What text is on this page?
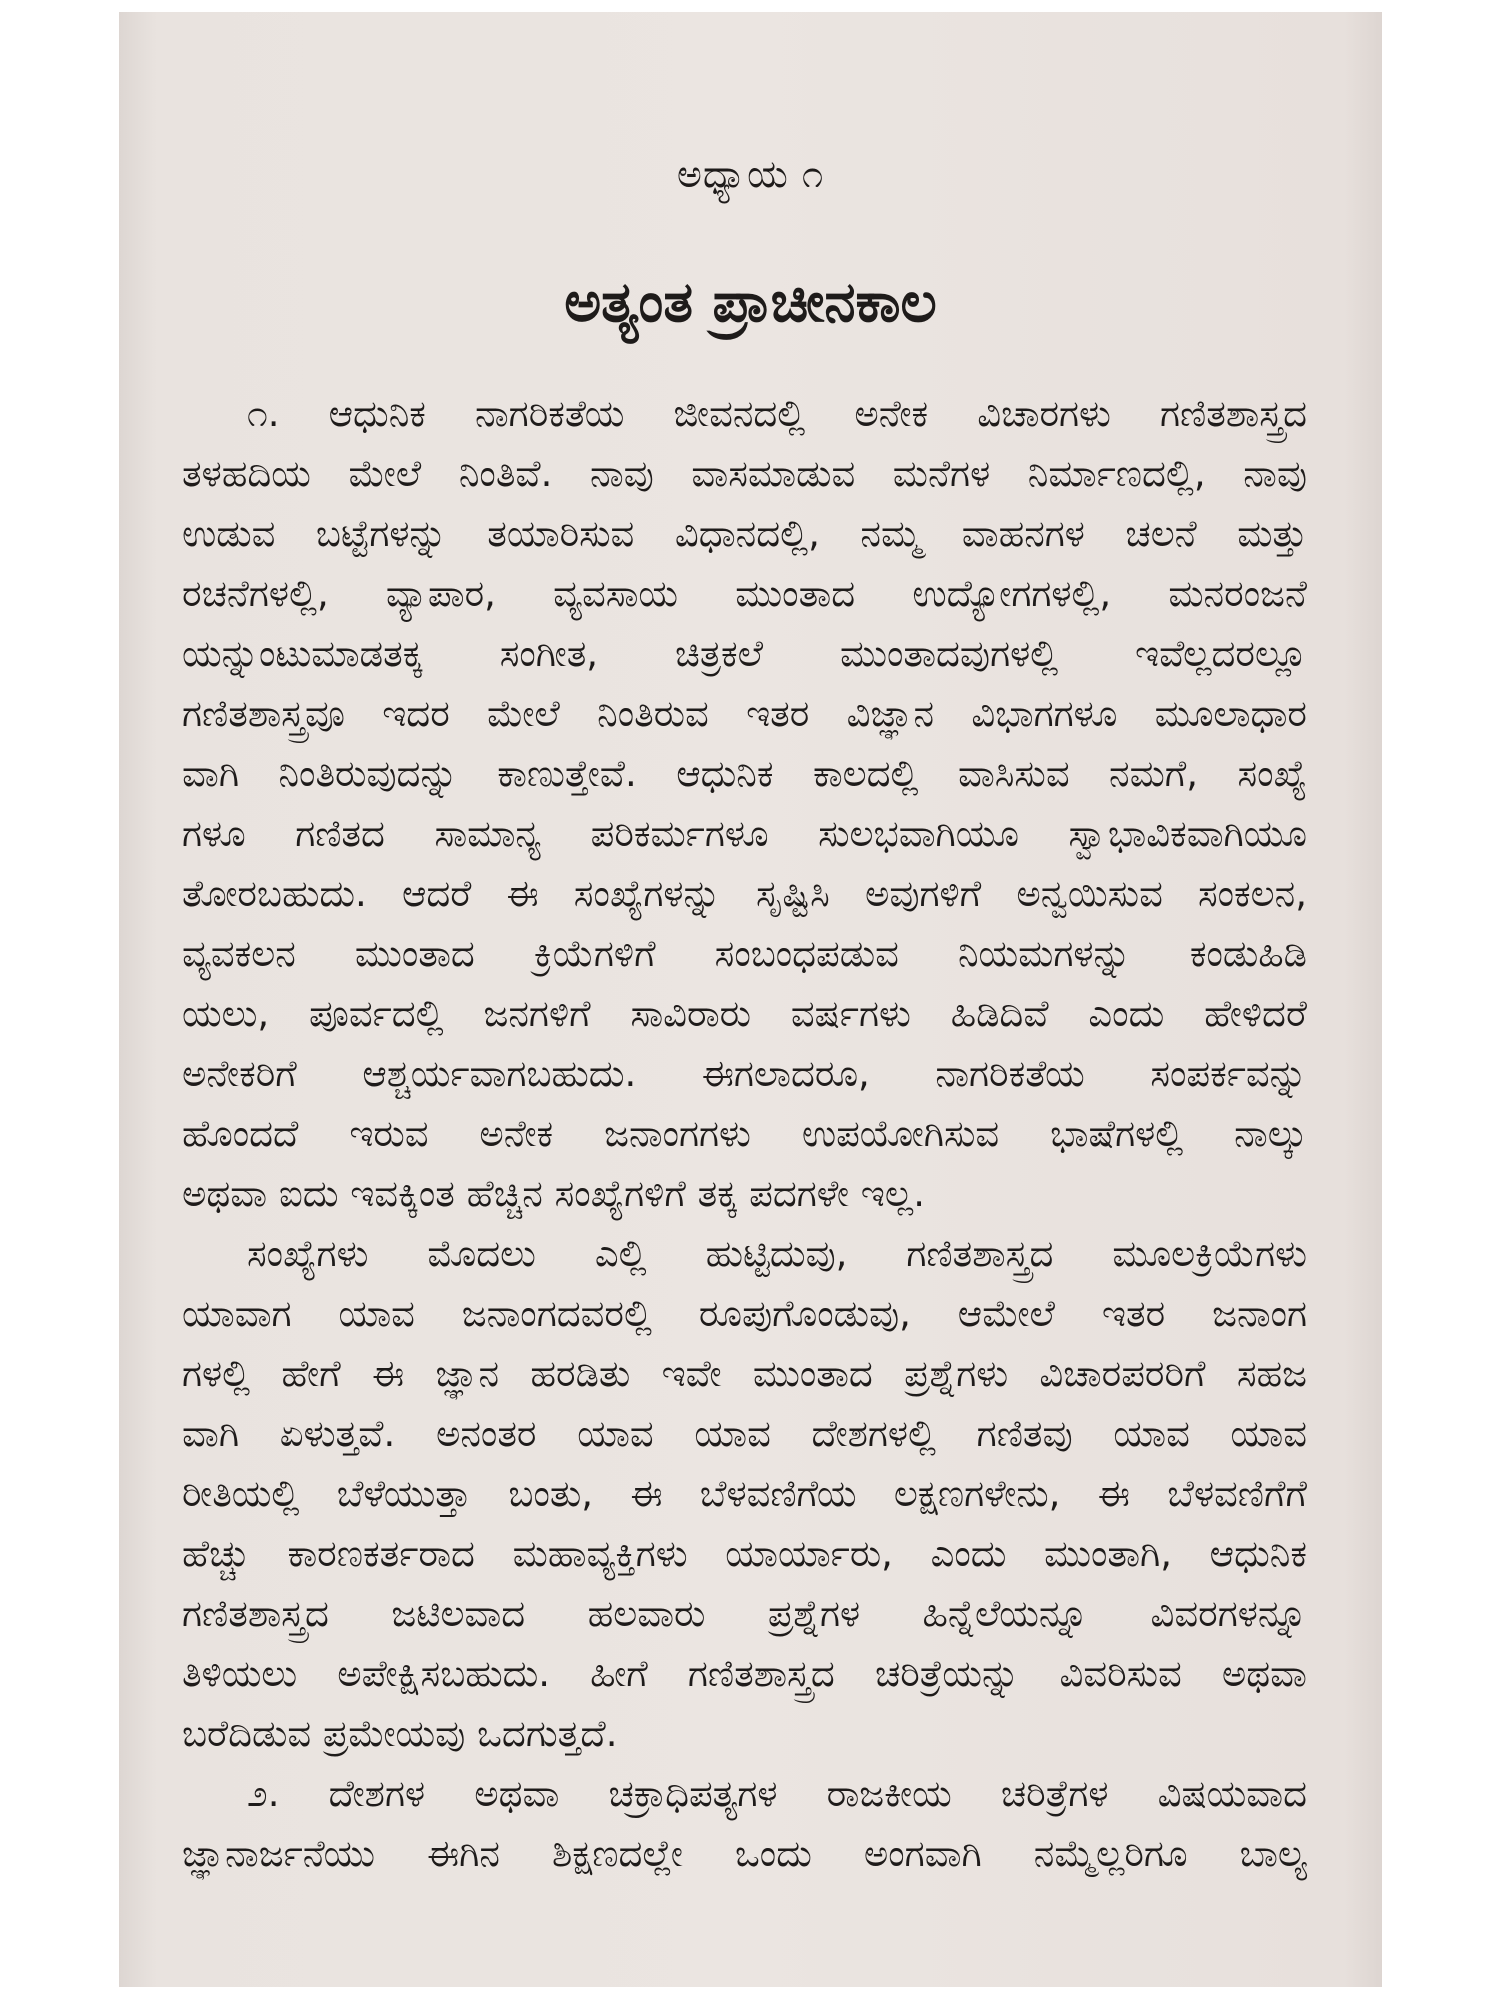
ಅಧ್ಯಾಯ ೧
ಅತ್ಯಂತ ಪ್ರಾಚೀನಕಾಲ
೧. ಆಧುನಿಕ ನಾಗರಿಕತೆಯ ಜೀವನದಲ್ಲಿ ಅನೇಕ ವಿಚಾರಗಳು ಗಣಿತಶಾಸ್ತ್ರದ
ತಳಹದಿಯ ಮೇಲೆ ನಿಂತಿವೆ. ನಾವು ವಾಸಮಾಡುವ ಮನೆಗಳ ನಿರ್ಮಾಣದಲ್ಲಿ, ನಾವು
ಉಡುವ ಬಟ್ಟೆಗಳನ್ನು ತಯಾರಿಸುವ ವಿಧಾನದಲ್ಲಿ, ನಮ್ಮ ವಾಹನಗಳ ಚಲನೆ ಮತ್ತು
ರಚನೆಗಳಲ್ಲಿ, ವ್ಯಾಪಾರ, ವ್ಯವಸಾಯ ಮುಂತಾದ ಉದ್ಯೋಗಗಳಲ್ಲಿ, ಮನರಂಜನೆ
ಯನ್ನುಂಟುಮಾಡತಕ್ಕ ಸಂಗೀತ, ಚಿತ್ರಕಲೆ ಮುಂತಾದವುಗಳಲ್ಲಿ ಇವೆಲ್ಲದರಲ್ಲೂ
ಗಣಿತಶಾಸ್ತ್ರವೂ ಇದರ ಮೇಲೆ ನಿಂತಿರುವ ಇತರ ವಿಜ್ಞಾನ ವಿಭಾಗಗಳೂ ಮೂಲಾಧಾರ
ವಾಗಿ ನಿಂತಿರುವುದನ್ನು ಕಾಣುತ್ತೇವೆ. ಆಧುನಿಕ ಕಾಲದಲ್ಲಿ ವಾಸಿಸುವ ನಮಗೆ, ಸಂಖ್ಯೆ
ಗಳೂ ಗಣಿತದ ಸಾಮಾನ್ಯ ಪರಿಕರ್ಮಗಳೂ ಸುಲಭವಾಗಿಯೂ ಸ್ವಾಭಾವಿಕವಾಗಿಯೂ
ತೋರಬಹುದು. ಆದರೆ ಈ ಸಂಖ್ಯೆಗಳನ್ನು ಸೃಷ್ಟಿಸಿ ಅವುಗಳಿಗೆ ಅನ್ವಯಿಸುವ ಸಂಕಲನ,
ವ್ಯವಕಲನ ಮುಂತಾದ ಕ್ರಿಯೆಗಳಿಗೆ ಸಂಬಂಧಪಡುವ ನಿಯಮಗಳನ್ನು ಕಂಡುಹಿಡಿ
ಯಲು, ಪೂರ್ವದಲ್ಲಿ ಜನಗಳಿಗೆ ಸಾವಿರಾರು ವರ್ಷಗಳು ಹಿಡಿದಿವೆ ಎಂದು ಹೇಳಿದರೆ
ಅನೇಕರಿಗೆ ಆಶ್ಚರ್ಯವಾಗಬಹುದು. ಈಗಲಾದರೂ, ನಾಗರಿಕತೆಯ ಸಂಪರ್ಕವನ್ನು
ಹೊಂದದೆ ಇರುವ ಅನೇಕ ಜನಾಂಗಗಳು ಉಪಯೋಗಿಸುವ ಭಾಷೆಗಳಲ್ಲಿ ನಾಲ್ಕು
ಅಥವಾ ಐದು ಇವಕ್ಕಿಂತ ಹೆಚ್ಚಿನ ಸಂಖ್ಯೆಗಳಿಗೆ ತಕ್ಕ ಪದಗಳೇ ಇಲ್ಲ.
ಸಂಖ್ಯೆಗಳು ಮೊದಲು ಎಲ್ಲಿ ಹುಟ್ಟಿದುವು, ಗಣಿತಶಾಸ್ತ್ರದ ಮೂಲಕ್ರಿಯೆಗಳು
ಯಾವಾಗ ಯಾವ ಜನಾಂಗದವರಲ್ಲಿ ರೂಪುಗೊಂಡುವು, ಆಮೇಲೆ ಇತರ ಜನಾಂಗ
ಗಳಲ್ಲಿ ಹೇಗೆ ಈ ಜ್ಞಾನ ಹರಡಿತು ಇವೇ ಮುಂತಾದ ಪ್ರಶ್ನೆಗಳು ವಿಚಾರಪರರಿಗೆ ಸಹಜ
ವಾಗಿ ಏಳುತ್ತವೆ. ಅನಂತರ ಯಾವ ಯಾವ ದೇಶಗಳಲ್ಲಿ ಗಣಿತವು ಯಾವ ಯಾವ
ರೀತಿಯಲ್ಲಿ ಬೆಳೆಯುತ್ತಾ ಬಂತು, ಈ ಬೆಳವಣಿಗೆಯ ಲಕ್ಷಣಗಳೇನು, ಈ ಬೆಳವಣಿಗೆಗೆ
ಹೆಚ್ಚು ಕಾರಣಕರ್ತರಾದ ಮಹಾವ್ಯಕ್ತಿಗಳು ಯಾರ್ಯಾರು, ಎಂದು ಮುಂತಾಗಿ, ಆಧುನಿಕ
ಗಣಿತಶಾಸ್ತ್ರದ ಜಟಿಲವಾದ ಹಲವಾರು ಪ್ರಶ್ನೆಗಳ ಹಿನ್ನೆಲೆಯನ್ನೂ ವಿವರಗಳನ್ನೂ
ತಿಳಿಯಲು ಅಪೇಕ್ಷಿಸಬಹುದು. ಹೀಗೆ ಗಣಿತಶಾಸ್ತ್ರದ ಚರಿತ್ರೆಯನ್ನು ವಿವರಿಸುವ ಅಥವಾ
ಬರೆದಿಡುವ ಪ್ರಮೇಯವು ಒದಗುತ್ತದೆ.
೨. ದೇಶಗಳ ಅಥವಾ ಚಕ್ರಾಧಿಪತ್ಯಗಳ ರಾಜಕೀಯ ಚರಿತ್ರೆಗಳ ವಿಷಯವಾದ
ಜ್ಞಾನಾರ್ಜನೆಯು ಈಗಿನ ಶಿಕ್ಷಣದಲ್ಲೇ ಒಂದು ಅಂಗವಾಗಿ ನಮ್ಮೆಲ್ಲರಿಗೂ ಬಾಲ್ಯ
